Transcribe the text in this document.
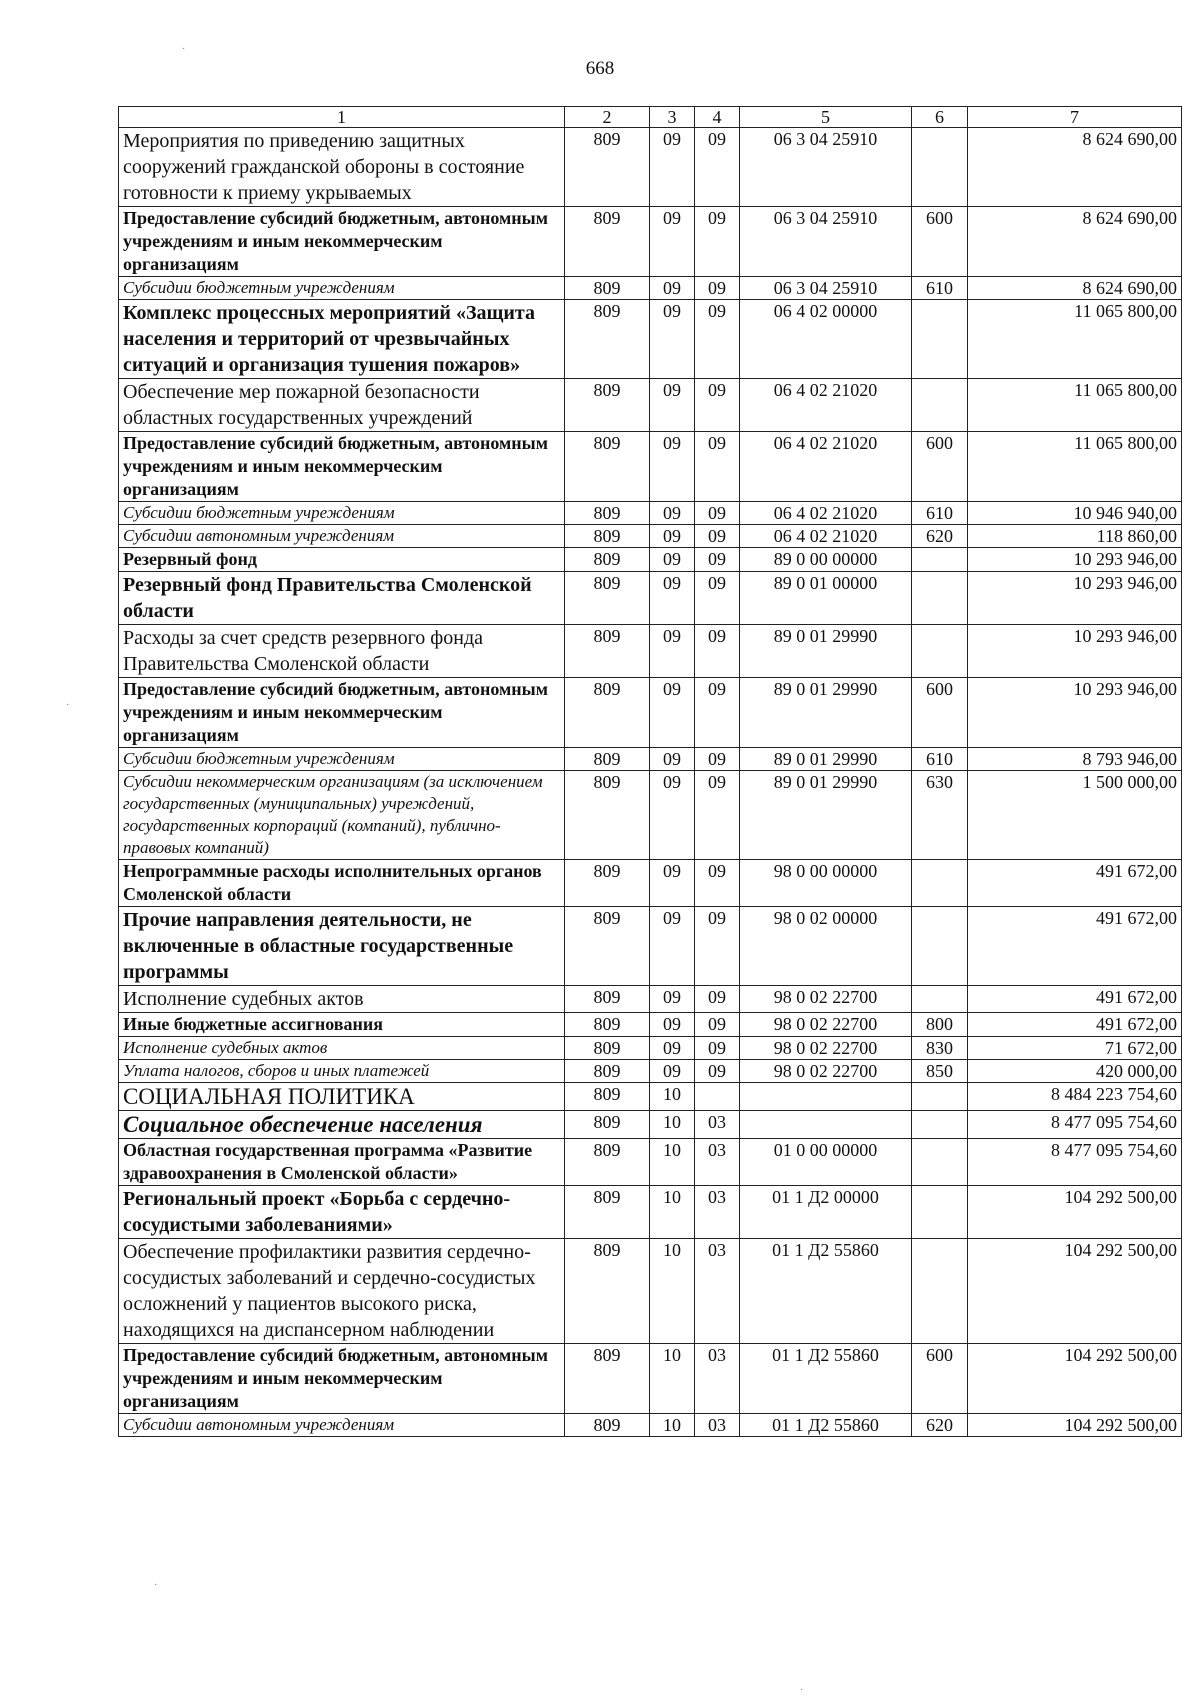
668
1	2	3	4	5	6	7
Мероприятия по приведению защитных сооружений гражданской обороны в состояние готовности к приему укрываемых	809	09	09	06 3 04 25910		8 624 690,00
Предоставление субсидий бюджетным, автономным учреждениям и иным некоммерческим организациям	809	09	09	06 3 04 25910	600	8 624 690,00
Субсидии бюджетным учреждениям	809	09	09	06 3 04 25910	610	8 624 690,00
Комплекс процессных мероприятий «Защита населения и территорий от чрезвычайных ситуаций и организация тушения пожаров»	809	09	09	06 4 02 00000		11 065 800,00
Обеспечение мер пожарной безопасности областных государственных учреждений	809	09	09	06 4 02 21020		11 065 800,00
Предоставление субсидий бюджетным, автономным учреждениям и иным некоммерческим организациям	809	09	09	06 4 02 21020	600	11 065 800,00
Субсидии бюджетным учреждениям	809	09	09	06 4 02 21020	610	10 946 940,00
Субсидии автономным учреждениям	809	09	09	06 4 02 21020	620	118 860,00
Резервный фонд	809	09	09	89 0 00 00000		10 293 946,00
Резервный фонд Правительства Смоленской области	809	09	09	89 0 01 00000		10 293 946,00
Расходы за счет средств резервного фонда Правительства Смоленской области	809	09	09	89 0 01 29990		10 293 946,00
Предоставление субсидий бюджетным, автономным учреждениям и иным некоммерческим организациям	809	09	09	89 0 01 29990	600	10 293 946,00
Субсидии бюджетным учреждениям	809	09	09	89 0 01 29990	610	8 793 946,00
Субсидии некоммерческим организациям (за исключением государственных (муниципальных) учреждений, государственных корпораций (компаний), публично-правовых компаний)	809	09	09	89 0 01 29990	630	1 500 000,00
Непрограммные расходы исполнительных органов Смоленской области	809	09	09	98 0 00 00000		491 672,00
Прочие направления деятельности, не включенные в областные государственные программы	809	09	09	98 0 02 00000		491 672,00
Исполнение судебных актов	809	09	09	98 0 02 22700		491 672,00
Иные бюджетные ассигнования	809	09	09	98 0 02 22700	800	491 672,00
Исполнение судебных актов	809	09	09	98 0 02 22700	830	71 672,00
Уплата налогов, сборов и иных платежей	809	09	09	98 0 02 22700	850	420 000,00
СОЦИАЛЬНАЯ ПОЛИТИКА	809	10				8 484 223 754,60
Социальное обеспечение населения	809	10	03			8 477 095 754,60
Областная государственная программа «Развитие здравоохранения в Смоленской области»	809	10	03	01 0 00 00000		8 477 095 754,60
Региональный проект «Борьба с сердечно-сосудистыми заболеваниями»	809	10	03	01 1 Д2 00000		104 292 500,00
Обеспечение профилактики развития сердечно-сосудистых заболеваний и сердечно-сосудистых осложнений у пациентов высокого риска, находящихся на диспансерном наблюдении	809	10	03	01 1 Д2 55860		104 292 500,00
Предоставление субсидий бюджетным, автономным учреждениям и иным некоммерческим организациям	809	10	03	01 1 Д2 55860	600	104 292 500,00
Субсидии автономным учреждениям	809	10	03	01 1 Д2 55860	620	104 292 500,00
·
·
·
·
